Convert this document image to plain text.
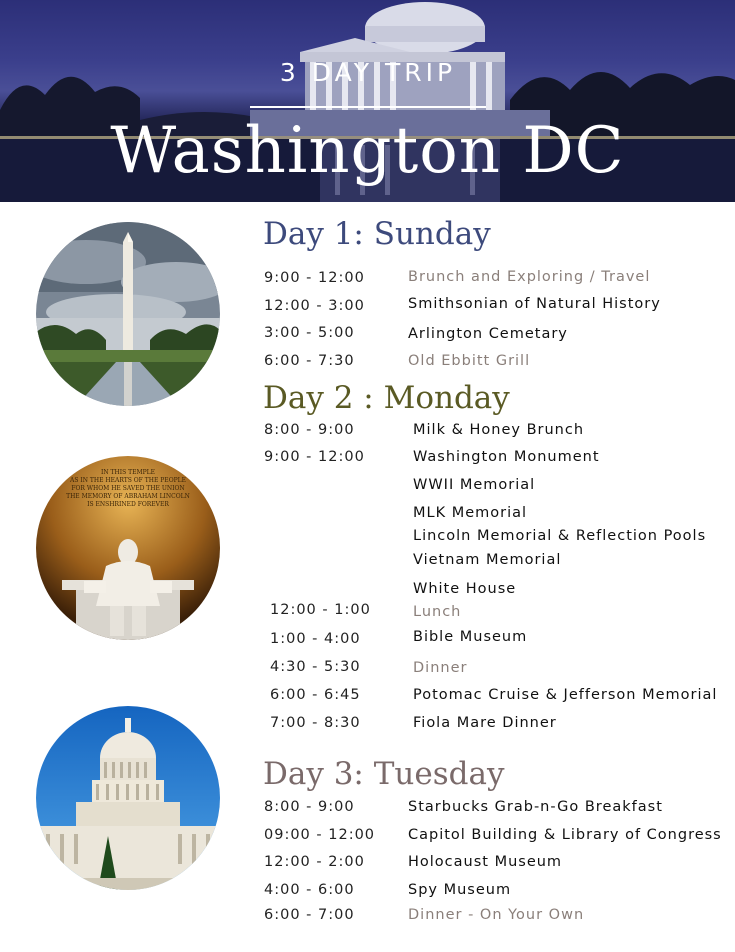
3 DAY TRIP
Washington DC
IN THIS TEMPLE
AS IN THE HEARTS OF THE PEOPLE
FOR WHOM HE SAVED THE UNION
THE MEMORY OF ABRAHAM LINCOLN
IS ENSHRINED FOREVER
Day 1: Sunday
9:00 - 12:00	Brunch and Exploring / Travel
12:00 - 3:00	Smithsonian of Natural History
3:00 - 5:00	Arlington Cemetary
6:00 - 7:30	Old Ebbitt Grill
Day 2 : Monday
8:00 - 9:00	Milk & Honey Brunch
9:00 - 12:00	Washington Monument
WWII Memorial
MLK Memorial
Lincoln Memorial & Reflection Pools
Vietnam Memorial
White House
12:00 - 1:00	Lunch
1:00 - 4:00	Bible Museum
4:30 - 5:30	Dinner
6:00 - 6:45	Potomac Cruise & Jefferson Memorial
7:00 - 8:30	Fiola Mare Dinner
Day 3: Tuesday
8:00 - 9:00	Starbucks Grab-n-Go Breakfast
09:00 - 12:00 Capitol Building & Library of Congress
12:00 - 2:00	Holocaust Museum
4:00 - 6:00	Spy Museum
6:00 - 7:00	Dinner - On Your Own
